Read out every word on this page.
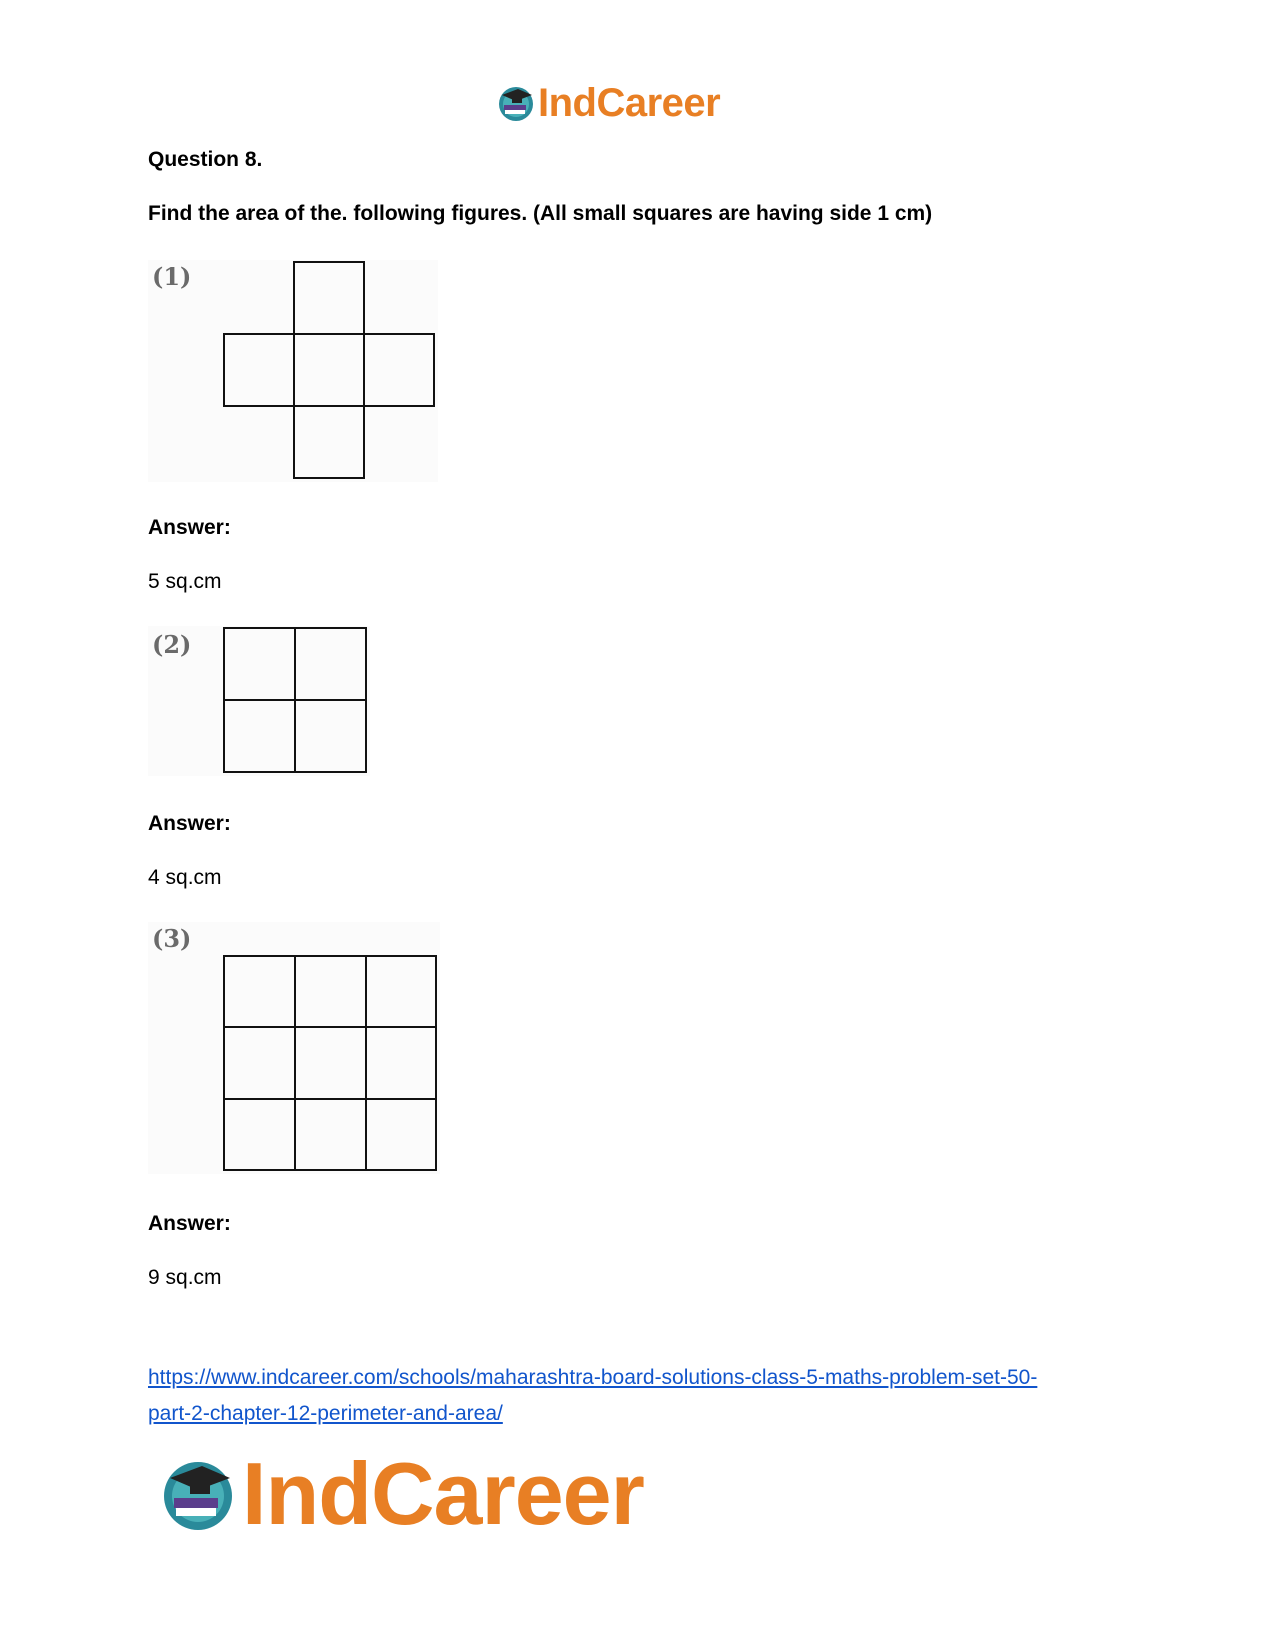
IndCareer
Question 8.
Find the area of the. following figures. (All small squares are having side 1 cm)
(1)
Answer:
5 sq.cm
(2)
Answer:
4 sq.cm
(3)
Answer:
9 sq.cm
https://www.indcareer.com/schools/maharashtra-board-solutions-class-5-maths-problem-set-50-
part-2-chapter-12-perimeter-and-area/
IndCareer
